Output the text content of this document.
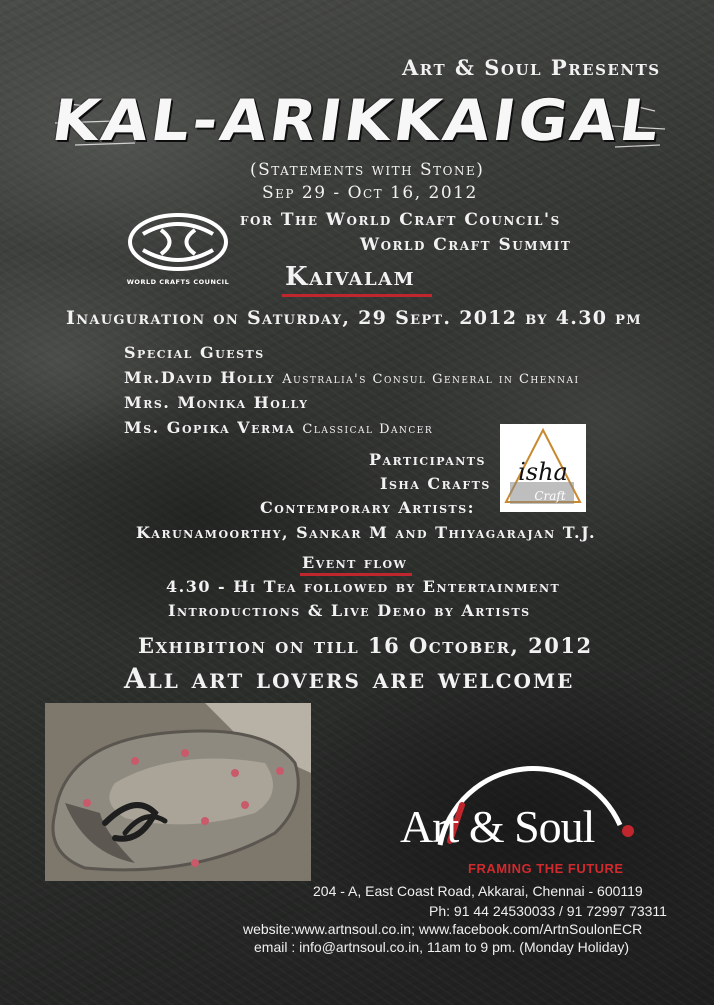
Art & Soul Presents
KAL-ARIKKAIGAL
(Statements with Stone)
Sep 29 - Oct 16, 2012
for The World Craft Council's
World Craft Summit
WORLD CRAFTS COUNCIL Kaivalam
Inauguration on Saturday, 29 Sept. 2012 by 4.30 pm
Special Guests
Mr.David Holly Australia's Consul General in Chennai
Mrs. Monika Holly
Ms. Gopika Verma Classical Dancer
Participants
Isha Crafts
Contemporary Artists:
Karunamoorthy, Sankar M and Thiyagarajan T.J.
isha
Craft
Event flow
4.30 - Hi Tea followed by Entertainment
Introductions & Live Demo by Artists
Exhibition on till 16 October, 2012
All art lovers are welcome
Art & Soul
FRAMING THE FUTURE
204 - A, East Coast Road, Akkarai, Chennai - 600119
Ph: 91 44 24530033 / 91 72997 73311
website:www.artnsoul.co.in; www.facebook.com/ArtnSoulonECR
email : info@artnsoul.co.in, 11am to 9 pm. (Monday Holiday)
